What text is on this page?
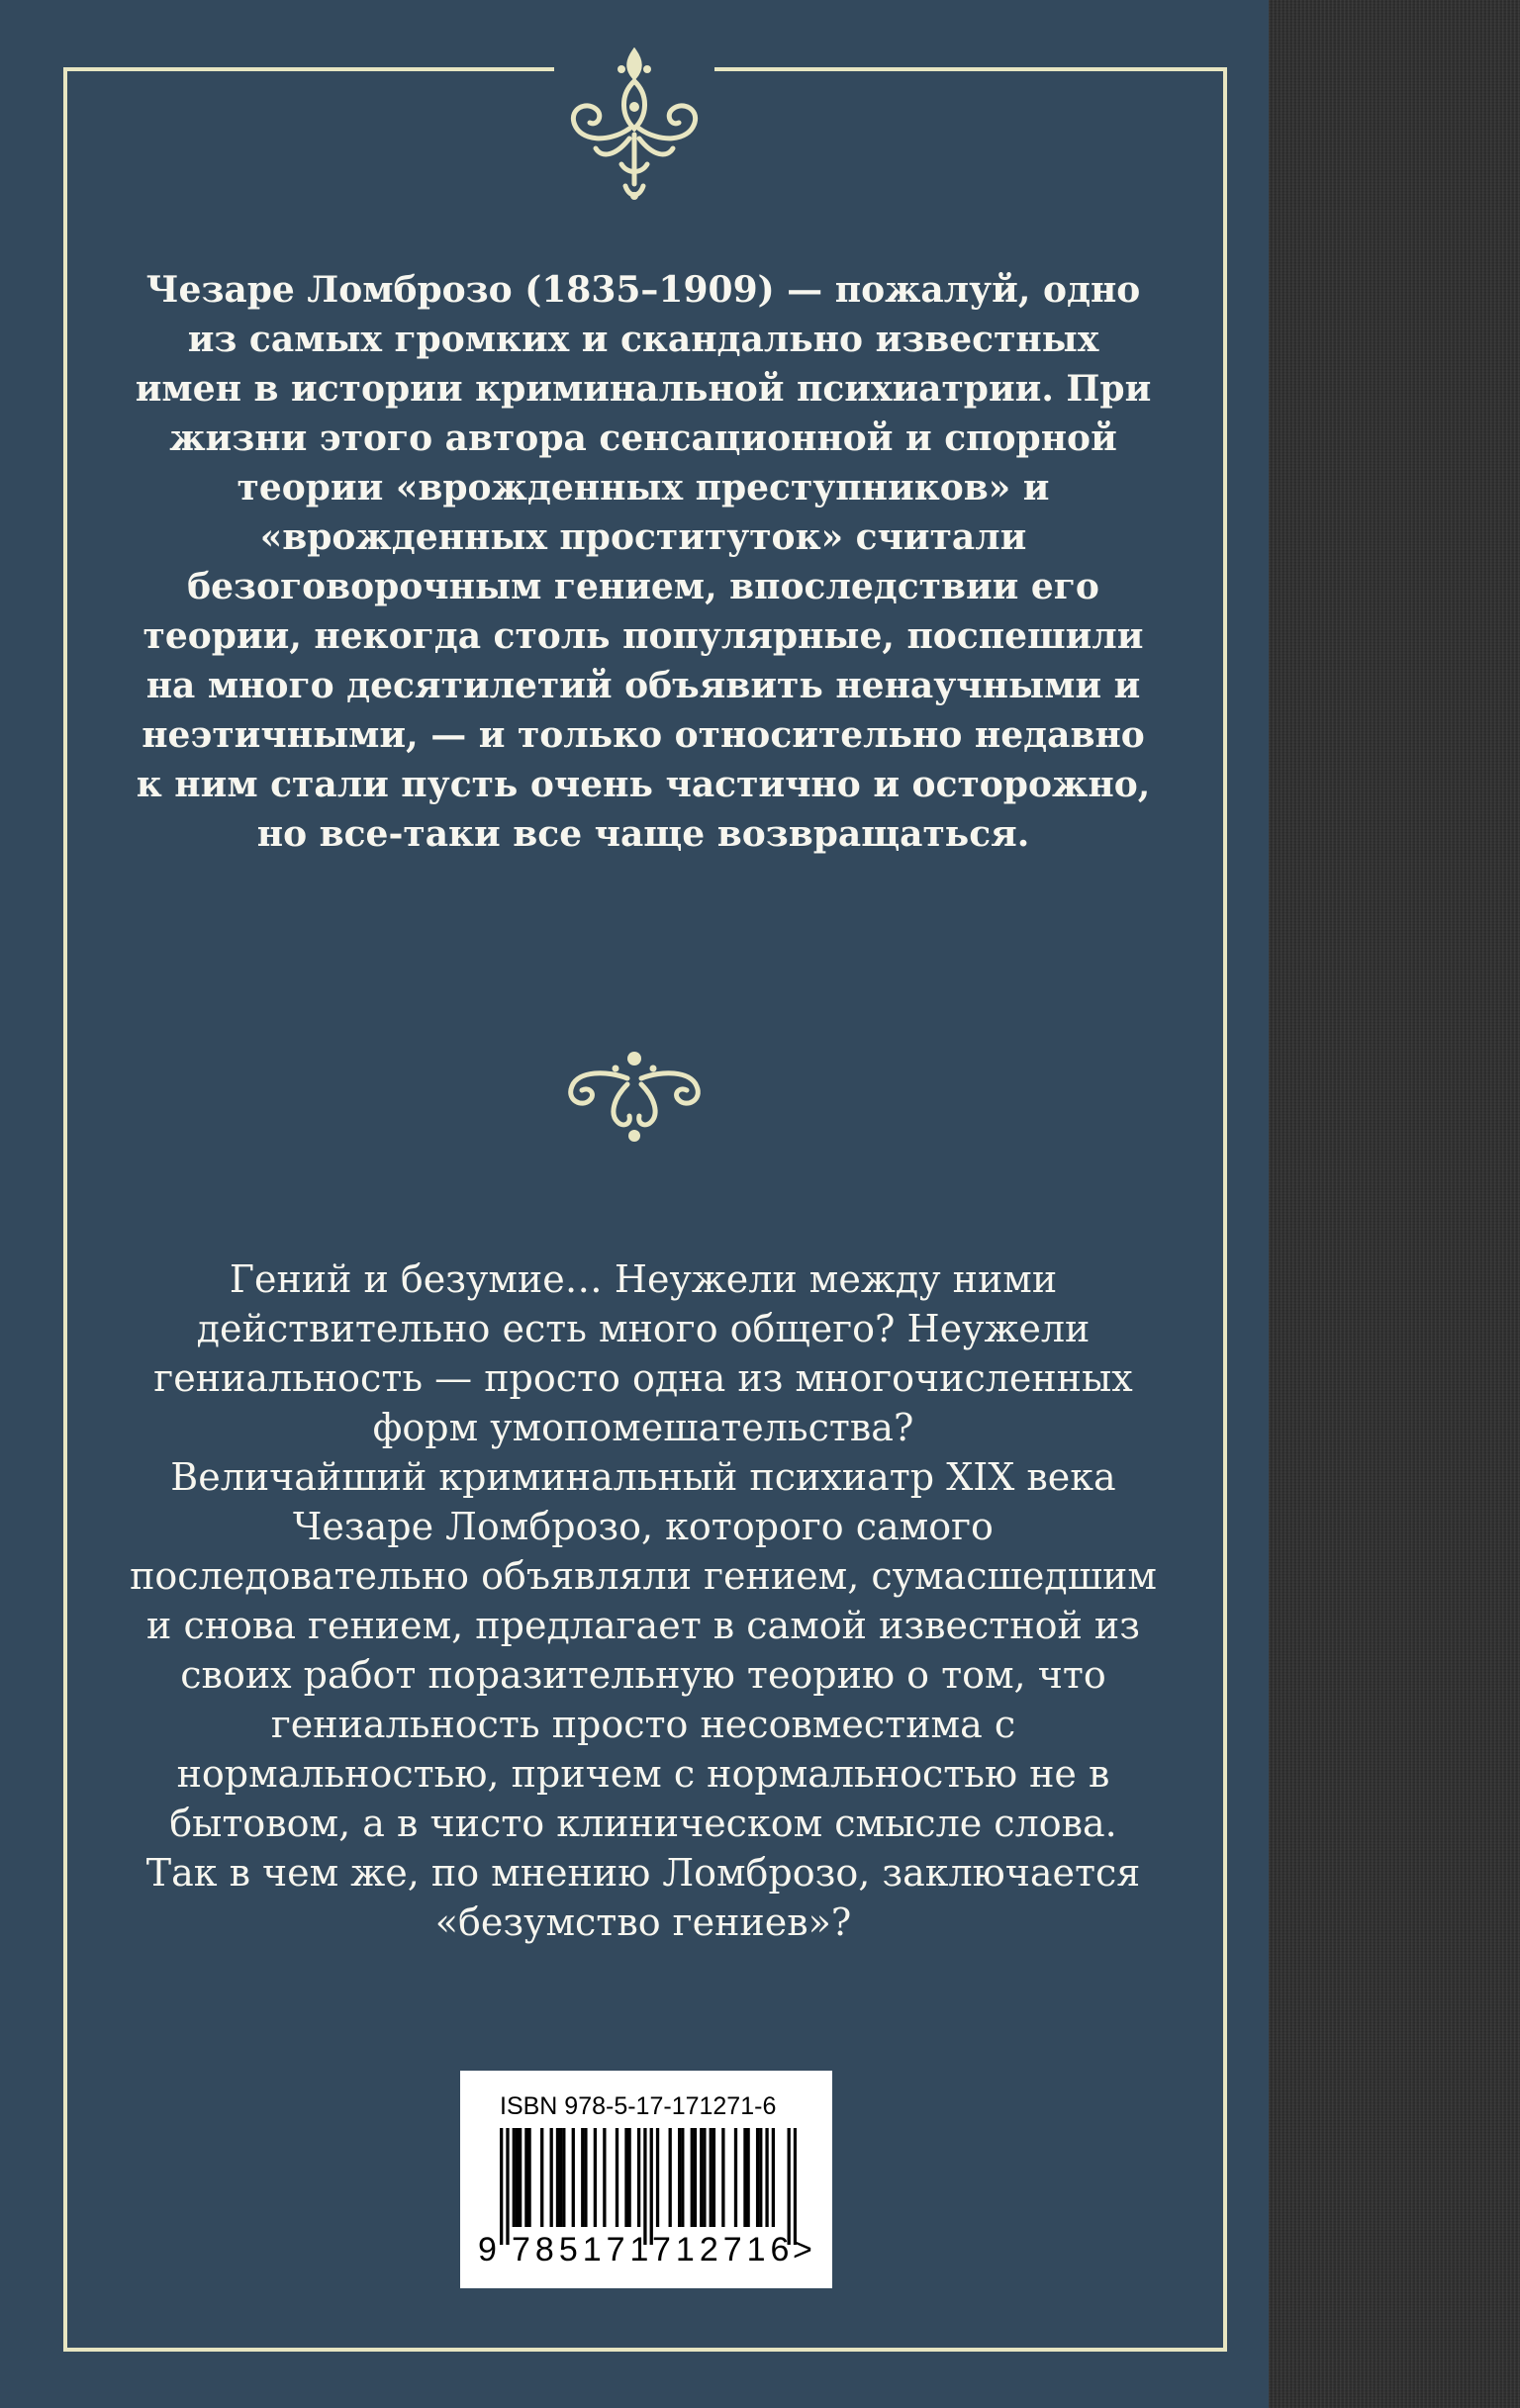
Чезаре Ломброзо (1835–1909) — пожалуй, одно из самых громких и скандально известных имен в истории криминальной психиатрии. При жизни этого автора сенсационной и спорной теории «врожденных преступников» и «врожденных проституток» считали безоговорочным гением, впоследствии его теории, некогда столь популярные, поспешили на много десятилетий объявить ненаучными и неэтичными, — и только относительно недавно к ним стали пусть очень частично и осторожно, но все-таки все чаще возвращаться.

Гений и безумие… Неужели между ними действительно есть много общего? Неужели гениальность — просто одна из многочисленных форм умопомешательства?

Величайший криминальный психиатр XIX века Чезаре Ломброзо, которого самого последовательно объявляли гением, сумасшедшим и снова гением, предлагает в самой известной из своих работ поразительную теорию о том, что гениальность просто несовместима с нормальностью, причем с нормальностью не в бытовом, а в чисто клиническом смысле слова.

Так в чем же, по мнению Ломброзо, заключается «безумство гениев»?

ISBN 978-5-17-171271-6
9 785171
712716
>
